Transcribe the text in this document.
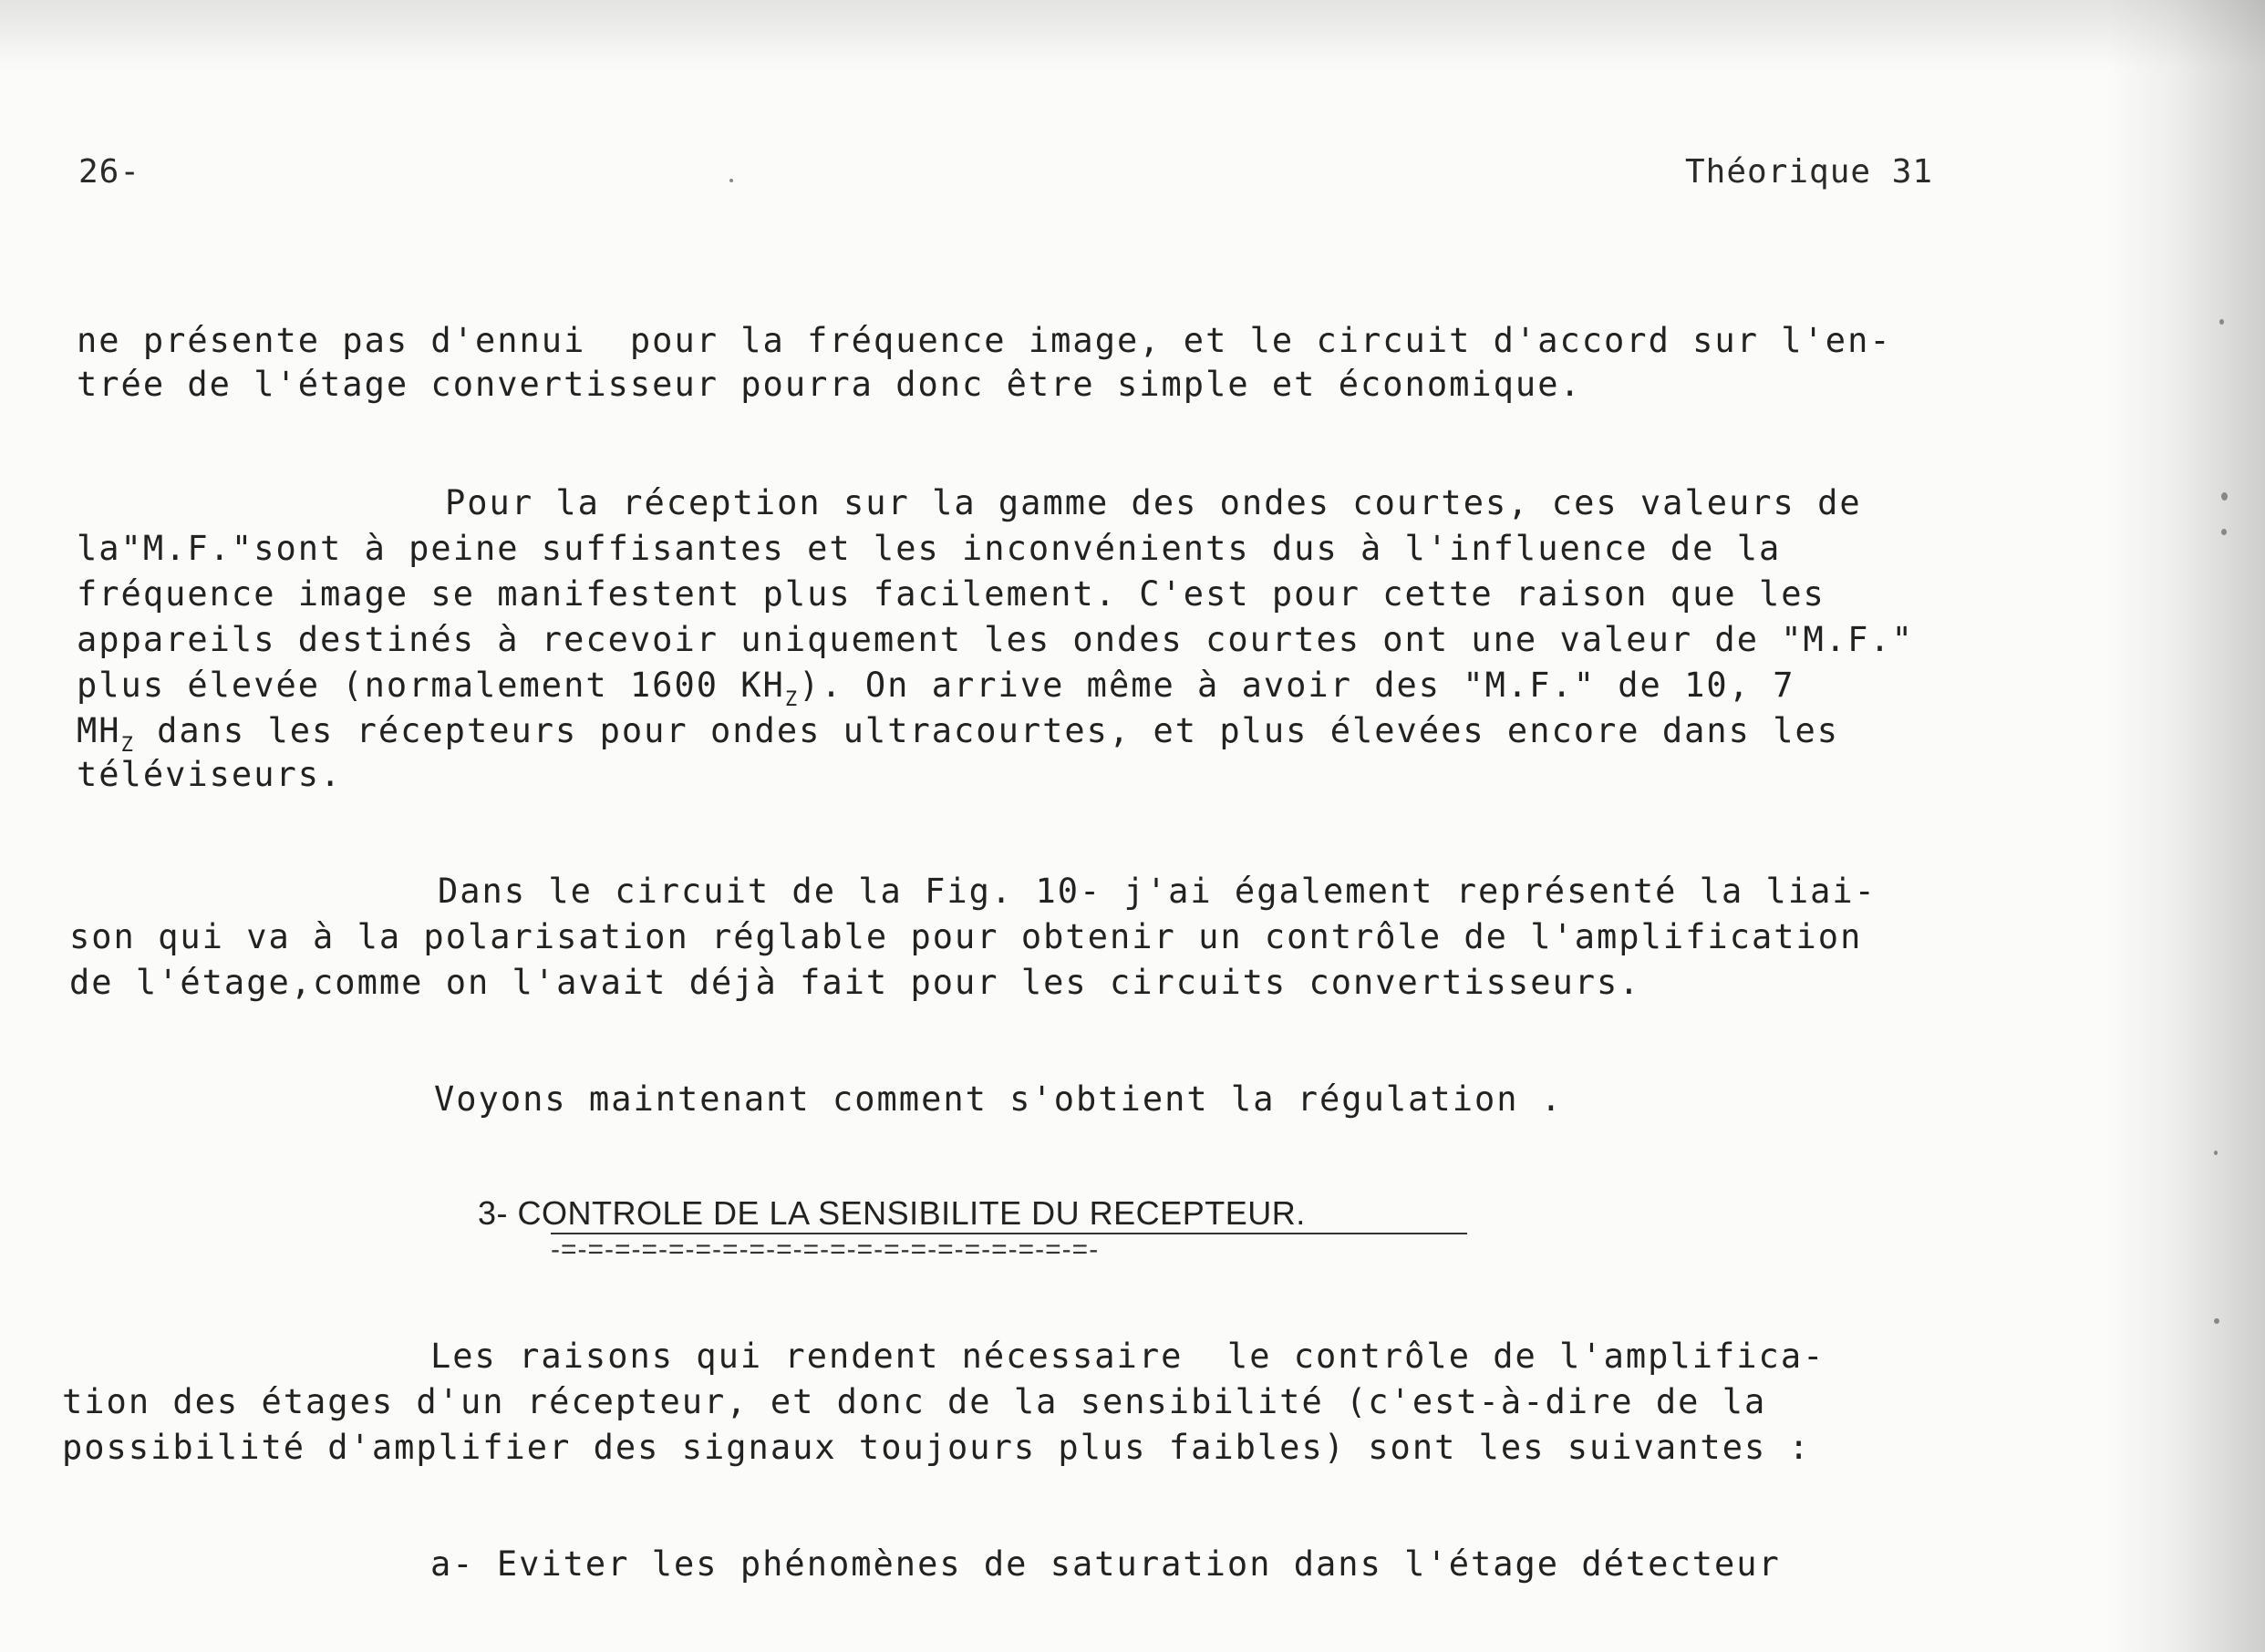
26-	Théorique 31
ne présente pas d'ennui  pour la fréquence image, et le circuit d'accord sur l'en-
trée de l'étage convertisseur pourra donc être simple et économique.
Pour la réception sur la gamme des ondes courtes, ces valeurs de
la"M.F."sont à peine suffisantes et les inconvénients dus à l'influence de la
fréquence image se manifestent plus facilement. C'est pour cette raison que les
appareils destinés à recevoir uniquement les ondes courtes ont une valeur de "M.F."
plus élevée (normalement 1600 $KH_Z$). On arrive même à avoir des "M.F." de 10, 7
$MH_Z$ dans les récepteurs pour ondes ultracourtes, et plus élevées encore dans les
téléviseurs.
Dans le circuit de la Fig. 10- j'ai également représenté la liai-
son qui va à la polarisation réglable pour obtenir un contrôle de l'amplification
de l'étage,comme on l'avait déjà fait pour les circuits convertisseurs.
Voyons maintenant comment s'obtient la régulation .
3- CONTROLE DE LA SENSIBILITE DU RECEPTEUR.
-=-=-=-=-=-=-=-=-=-=-=-=-=-=-=-=-=-=-=-=-
Les raisons qui rendent nécessaire  le contrôle de l'amplifica-
tion des étages d'un récepteur, et donc de la sensibilité (c'est-à-dire de la
possibilité d'amplifier des signaux toujours plus faibles) sont les suivantes :
a- Eviter les phénomènes de saturation dans l'étage détecteur
